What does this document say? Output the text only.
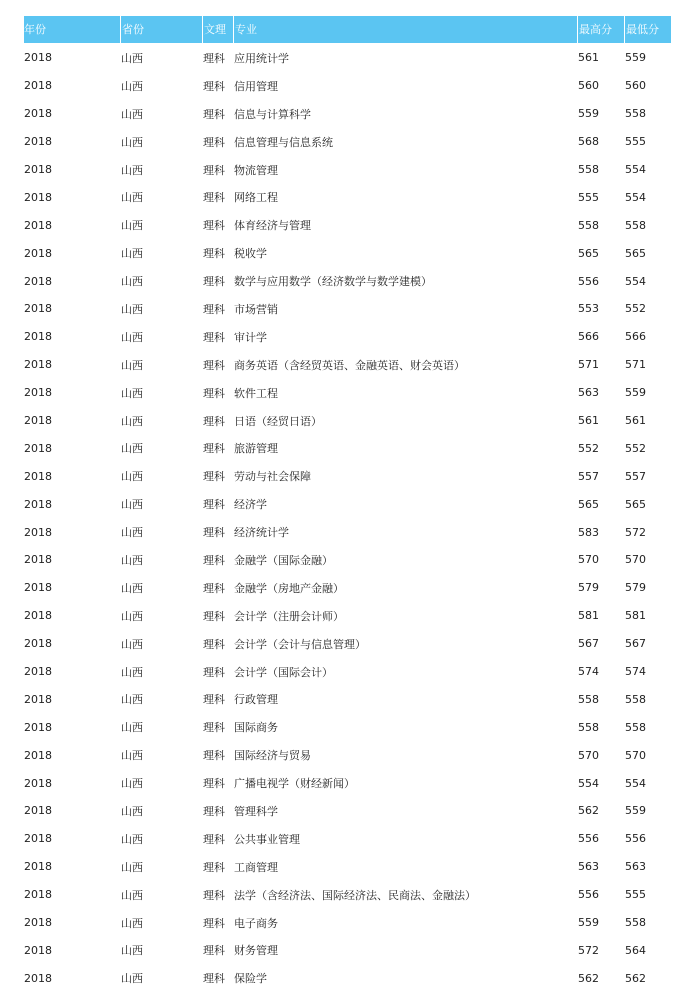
年份	省份	文理 专业	最高分	最低分
2018	山西	理科 应用统计学	561	559
2018	山西	理科 信用管理	560	560
2018	山西	理科 信息与计算科学	559	558
2018	山西	理科 信息管理与信息系统	568	555
2018	山西	理科 物流管理	558	554
2018	山西	理科 网络工程	555	554
2018	山西	理科 体育经济与管理	558	558
2018	山西	理科 税收学	565	565
2018	山西	理科 数学与应用数学（经济数学与数学建模）	556	554
2018	山西	理科 市场营销	553	552
2018	山西	理科 审计学	566	566
2018	山西	理科 商务英语（含经贸英语、金融英语、财会英语）	571	571
2018	山西	理科 软件工程	563	559
2018	山西	理科 日语（经贸日语）	561	561
2018	山西	理科 旅游管理	552	552
2018	山西	理科 劳动与社会保障	557	557
2018	山西	理科 经济学	565	565
2018	山西	理科 经济统计学	583	572
2018	山西	理科 金融学（国际金融）	570	570
2018	山西	理科 金融学（房地产金融）	579	579
2018	山西	理科 会计学（注册会计师）	581	581
2018	山西	理科 会计学（会计与信息管理）	567	567
2018	山西	理科 会计学（国际会计）	574	574
2018	山西	理科 行政管理	558	558
2018	山西	理科 国际商务	558	558
2018	山西	理科 国际经济与贸易	570	570
2018	山西	理科 广播电视学（财经新闻）	554	554
2018	山西	理科 管理科学	562	559
2018	山西	理科 公共事业管理	556	556
2018	山西	理科 工商管理	563	563
2018	山西	理科 法学（含经济法、国际经济法、民商法、金融法）	556	555
2018	山西	理科 电子商务	559	558
2018	山西	理科 财务管理	572	564
2018	山西	理科 保险学	562	562
